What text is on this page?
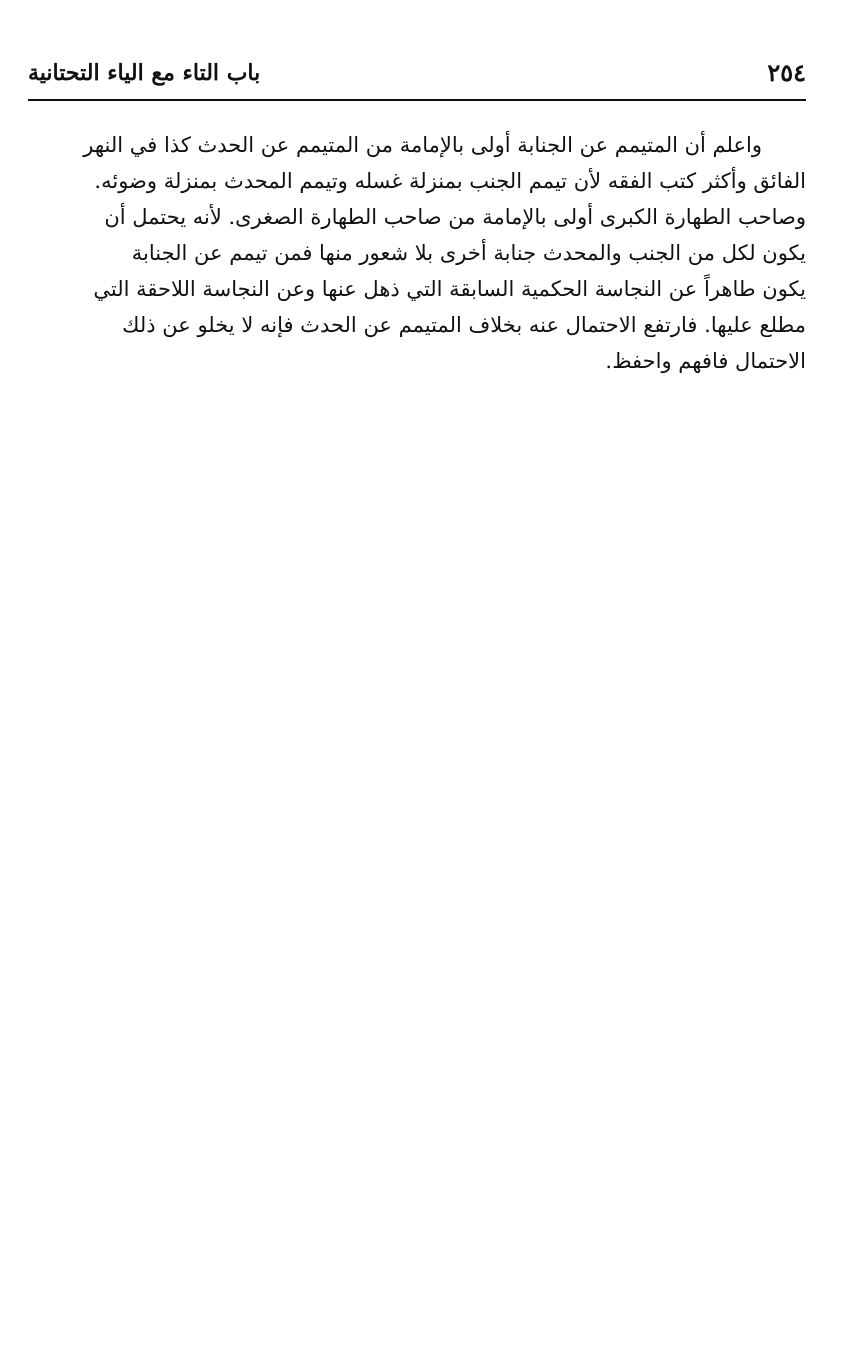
٢٥٤
باب التاء مع الياء التحتانية
واعلم أن المتيمم عن الجنابة أولى بالإمامة من المتيمم عن الحدث كذا في النهر
الفائق وأكثر كتب الفقه لأن تيمم الجنب بمنزلة غسله وتيمم المحدث بمنزلة وضوئه.
وصاحب الطهارة الكبرى أولى بالإمامة من صاحب الطهارة الصغرى. لأنه يحتمل أن
يكون لكل من الجنب والمحدث جنابة أخرى بلا شعور منها فمن تيمم عن الجنابة
يكون طاهراً عن النجاسة الحكمية السابقة التي ذهل عنها وعن النجاسة اللاحقة التي
مطلع عليها. فارتفع الاحتمال عنه بخلاف المتيمم عن الحدث فإنه لا يخلو عن ذلك
الاحتمال فافهم واحفظ.
